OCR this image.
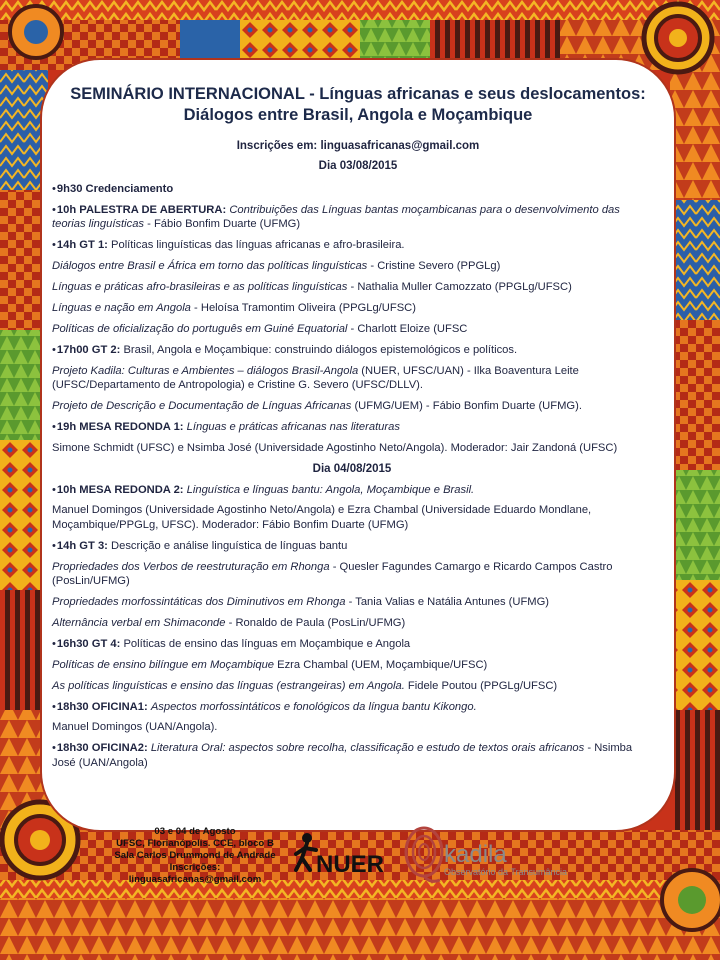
SEMINÁRIO INTERNACIONAL - Línguas africanas e seus deslocamentos:
Diálogos entre Brasil, Angola e Moçambique
Inscrições em: linguasafricanas@gmail.com
Dia 03/08/2015

•9h30 Credenciamento

•10h PALESTRA DE ABERTURA: Contribuições das Línguas bantas moçambicanas para o desenvolvimento das teorias linguísticas - Fábio Bonfim Duarte (UFMG)

•14h GT 1: Políticas linguísticas das línguas africanas e afro-brasileira.

Diálogos entre Brasil e África em torno das políticas linguísticas - Cristine Severo (PPGLg)

Línguas e práticas afro-brasileiras e as políticas linguísticas - Nathalia Muller Camozzato (PPGLg/UFSC)

Línguas e nação em Angola - Heloísa Tramontim Oliveira (PPGLg/UFSC)

Políticas de oficialização do português em Guiné Equatorial - Charlott Eloize (UFSC

•17h00 GT 2: Brasil, Angola e Moçambique: construindo diálogos epistemológicos e políticos.

Projeto Kadila: Culturas e Ambientes – diálogos Brasil-Angola (NUER, UFSC/UAN) - Ilka Boaventura Leite (UFSC/Departamento de Antropologia) e Cristine G. Severo (UFSC/DLLV).

Projeto de Descrição e Documentação de Línguas Africanas (UFMG/UEM) - Fábio Bonfim Duarte (UFMG).

•19h MESA REDONDA 1: Línguas e práticas africanas nas literaturas

Simone Schmidt (UFSC) e Nsimba José (Universidade Agostinho Neto/Angola). Moderador: Jair Zandoná (UFSC)

Dia 04/08/2015

•10h MESA REDONDA 2: Linguística e línguas bantu: Angola, Moçambique e Brasil.

Manuel Domingos (Universidade Agostinho Neto/Angola) e Ezra Chambal (Universidade Eduardo Mondlane, Moçambique/PPGLg, UFSC). Moderador: Fábio Bonfim Duarte (UFMG)

•14h GT 3: Descrição e análise linguística de línguas bantu

Propriedades dos Verbos de reestruturação em Rhonga - Quesler Fagundes Camargo e Ricardo Campos Castro (PosLin/UFMG)

Propriedades morfossintáticas dos Diminutivos em Rhonga - Tania Valias e Natália Antunes (UFMG)

Alternância verbal em Shimaconde - Ronaldo de Paula (PosLin/UFMG)

•16h30 GT 4: Políticas de ensino das línguas em Moçambique e Angola

Políticas de ensino bilíngue em Moçambique Ezra Chambal (UEM, Moçambique/UFSC)

As políticas linguísticas e ensino das línguas (estrangeiras) em Angola. Fidele Poutou (PPGLg/UFSC)

•18h30 OFICINA1: Aspectos morfossintáticos e fonológicos da língua bantu Kikongo.

Manuel Domingos (UAN/Angola).

•18h30 OFICINA2: Literatura Oral: aspectos sobre recolha, classificação e estudo de textos orais africanos - Nsimba José (UAN/Angola)

03 e 04 de Agosto
UFSC, Florianópolis. CCE, bloco B
Sala Carlos Drummond de Andrade
Inscrições:
linguasafricanas@gmail.com
NUER kadila
Observatório da Transumância
